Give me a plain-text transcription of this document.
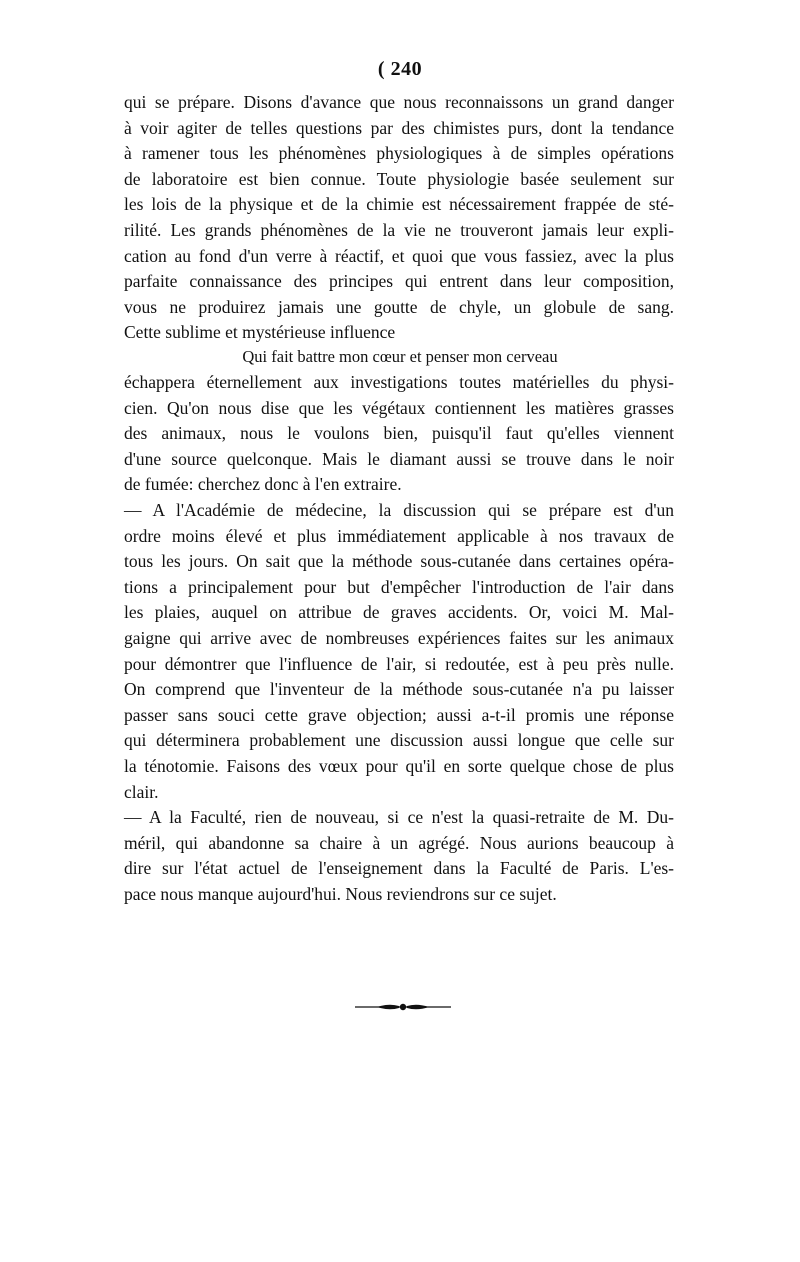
( 240
qui se prépare. Disons d'avance que nous reconnaissons un grand danger
à voir agiter de telles questions par des chimistes purs, dont la tendance
à ramener tous les phénomènes physiologiques à de simples opérations
de laboratoire est bien connue. Toute physiologie basée seulement sur
les lois de la physique et de la chimie est nécessairement frappée de sté-
rilité. Les grands phénomènes de la vie ne trouveront jamais leur expli-
cation au fond d'un verre à réactif, et quoi que vous fassiez, avec la plus
parfaite connaissance des principes qui entrent dans leur composition,
vous ne produirez jamais une goutte de chyle, un globule de sang.
Cette sublime et mystérieuse influence
Qui fait battre mon cœur et penser mon cerveau
échappera éternellement aux investigations toutes matérielles du physi-
cien. Qu'on nous dise que les végétaux contiennent les matières grasses
des animaux, nous le voulons bien, puisqu'il faut qu'elles viennent
d'une source quelconque. Mais le diamant aussi se trouve dans le noir
de fumée: cherchez donc à l'en extraire.
— A l'Académie de médecine, la discussion qui se prépare est d'un
ordre moins élevé et plus immédiatement applicable à nos travaux de
tous les jours. On sait que la méthode sous-cutanée dans certaines opéra-
tions a principalement pour but d'empêcher l'introduction de l'air dans
les plaies, auquel on attribue de graves accidents. Or, voici M. Mal-
gaigne qui arrive avec de nombreuses expériences faites sur les animaux
pour démontrer que l'influence de l'air, si redoutée, est à peu près nulle.
On comprend que l'inventeur de la méthode sous-cutanée n'a pu laisser
passer sans souci cette grave objection; aussi a-t-il promis une réponse
qui déterminera probablement une discussion aussi longue que celle sur
la ténotomie. Faisons des vœux pour qu'il en sorte quelque chose de plus
clair.
— A la Faculté, rien de nouveau, si ce n'est la quasi-retraite de M. Du-
méril, qui abandonne sa chaire à un agrégé. Nous aurions beaucoup à
dire sur l'état actuel de l'enseignement dans la Faculté de Paris. L'es-
pace nous manque aujourd'hui. Nous reviendrons sur ce sujet.
